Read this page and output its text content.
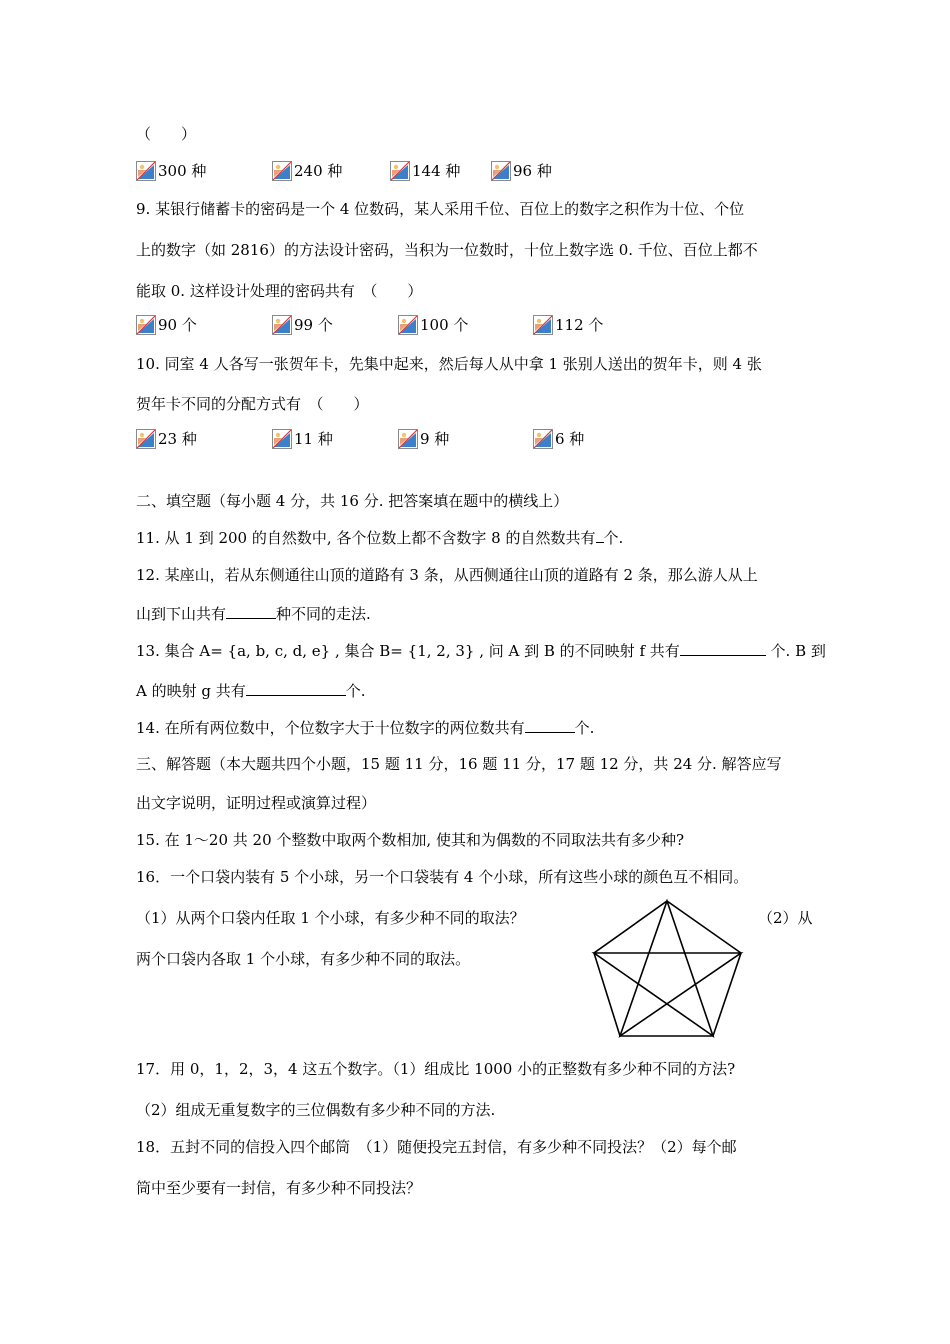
（　　）
300 种	240 种	144 种	96 种
9. 某银行储蓄卡的密码是一个 4 位数码，某人采用千位、百位上的数字之积作为十位、个位
上的数字（如 2816）的方法设计密码，当积为一位数时，十位上数字选 0. 千位、百位上都不
能取 0. 这样设计处理的密码共有　（　　）
90 个	99 个	100 个	112 个
10. 同室 4 人各写一张贺年卡，先集中起来，然后每人从中拿 1 张别人送出的贺年卡，则 4 张
贺年卡不同的分配方式有　（　　）
23 种	11 种	9 种	6 种
二、填空题（每小题 4 分，共 16 分. 把答案填在题中的横线上）
11. 从 1 到 200 的自然数中, 各个位数上都不含数字 8 的自然数共有 个.
12. 某座山，若从东侧通往山顶的道路有 3 条，从西侧通往山顶的道路有 2 条，那么游人从上
山到下山共有	种不同的走法.
13. 集合 A= {a, b, c, d, e} , 集合 B= {1, 2, 3} , 问 A 到 B 的不同映射 f 共有	个. B 到
A 的映射 g 共有	个.
14. 在所有两位数中，个位数字大于十位数字的两位数共有	个.
三、解答题（本大题共四个小题，15 题 11 分，16 题 11 分，17 题 12 分，共 24 分. 解答应写
出文字说明，证明过程或演算过程）
15. 在 1～20 共 20 个整数中取两个数相加, 使其和为偶数的不同取法共有多少种?
16．一个口袋内装有 5 个小球，另一个口袋装有 4 个小球，所有这些小球的颜色互不相同。
（1）从两个口袋内任取 1 个小球，有多少种不同的取法？	（2）从
两个口袋内各取 1 个小球，有多少种不同的取法。
17．用 0，1，2，3，4 这五个数字。（1）组成比 1000 小的正整数有多少种不同的方法?
（2）组成无重复数字的三位偶数有多少种不同的方法.
18．五封不同的信投入四个邮筒　（1）随便投完五封信，有多少种不同投法？（2）每个邮
筒中至少要有一封信，有多少种不同投法？
